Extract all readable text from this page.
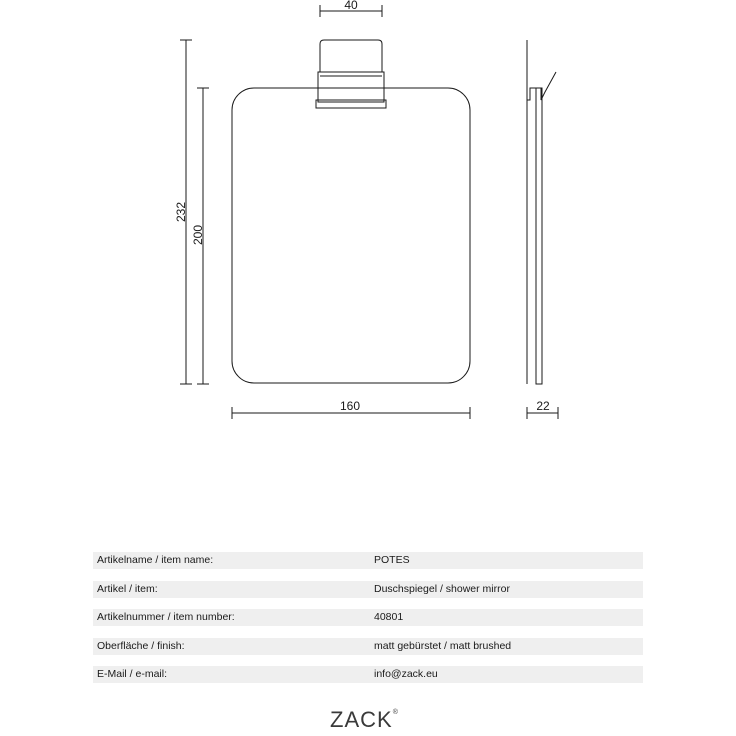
40
232
200
160	22
Artikelname / item name:	POTES
Artikel / item:	Duschspiegel / shower mirror
Artikelnummer / item number:	40801
Oberfläche / finish:	matt gebürstet / matt brushed
E-Mail / e-mail:	info@zack.eu
ZACK®
